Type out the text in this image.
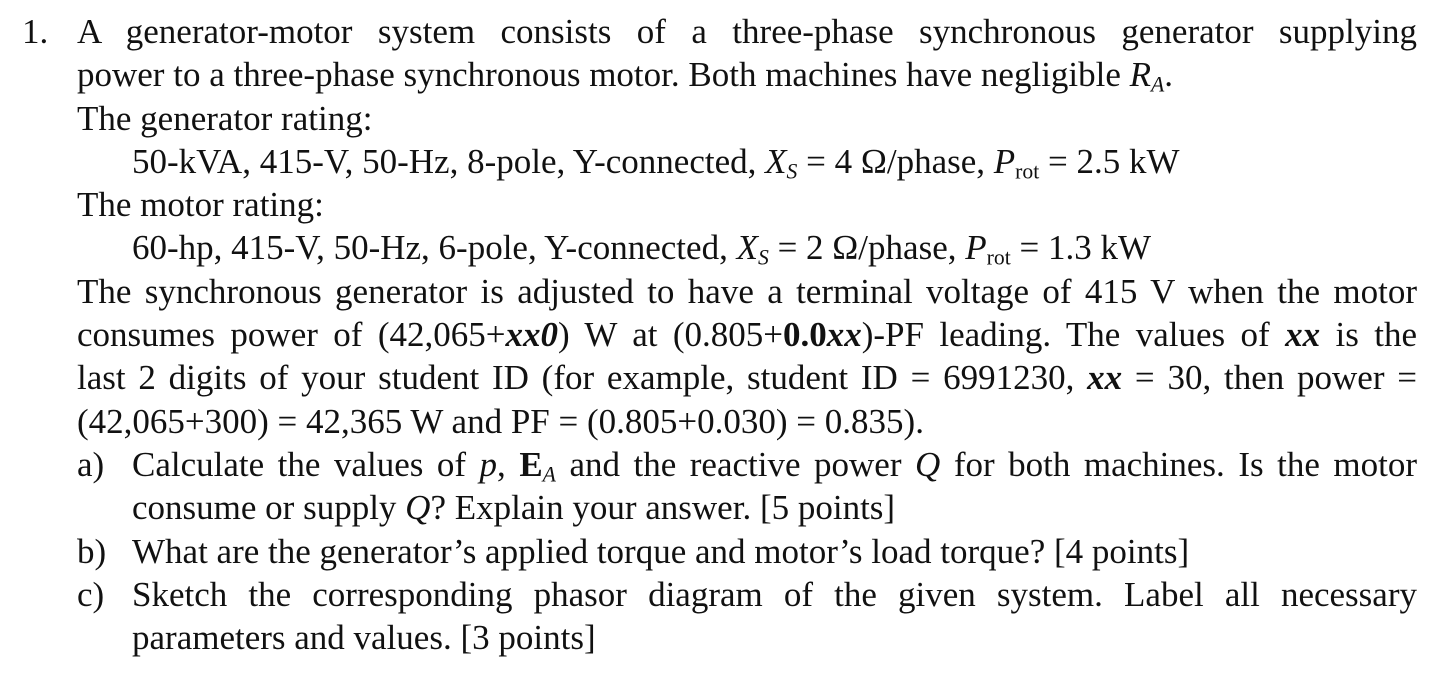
1. A generator-motor system consists of a three-phase synchronous generator supplying
power to a three-phase synchronous motor. Both machines have negligible $R_A$.
The generator rating:
50-kVA, 415-V, 50-Hz, 8-pole, Y-connected, $X_S = 4$ Ω/phase, $P_{rot} = 2.5$ kW
The motor rating:
60-hp, 415-V, 50-Hz, 6-pole, Y-connected, $X_S = 2$ Ω/phase, $P_{rot} = 1.3$ kW
The synchronous generator is adjusted to have a terminal voltage of 415 V when the motor
consumes power of (42,065+xx0) W at (0.805+0.0xx)-PF leading. The values of xx is the
last 2 digits of your student ID (for example, student ID = 6991230, xx = 30, then power =
(42,065+300) = 42,365 W and PF = (0.805+0.030) = 0.835).
a) Calculate the values of p, $E_A$ and the reactive power Q for both machines. Is the motor
consume or supply Q? Explain your answer. [5 points]
b) What are the generator’s applied torque and motor’s load torque? [4 points]
c) Sketch the corresponding phasor diagram of the given system. Label all necessary
parameters and values. [3 points]
